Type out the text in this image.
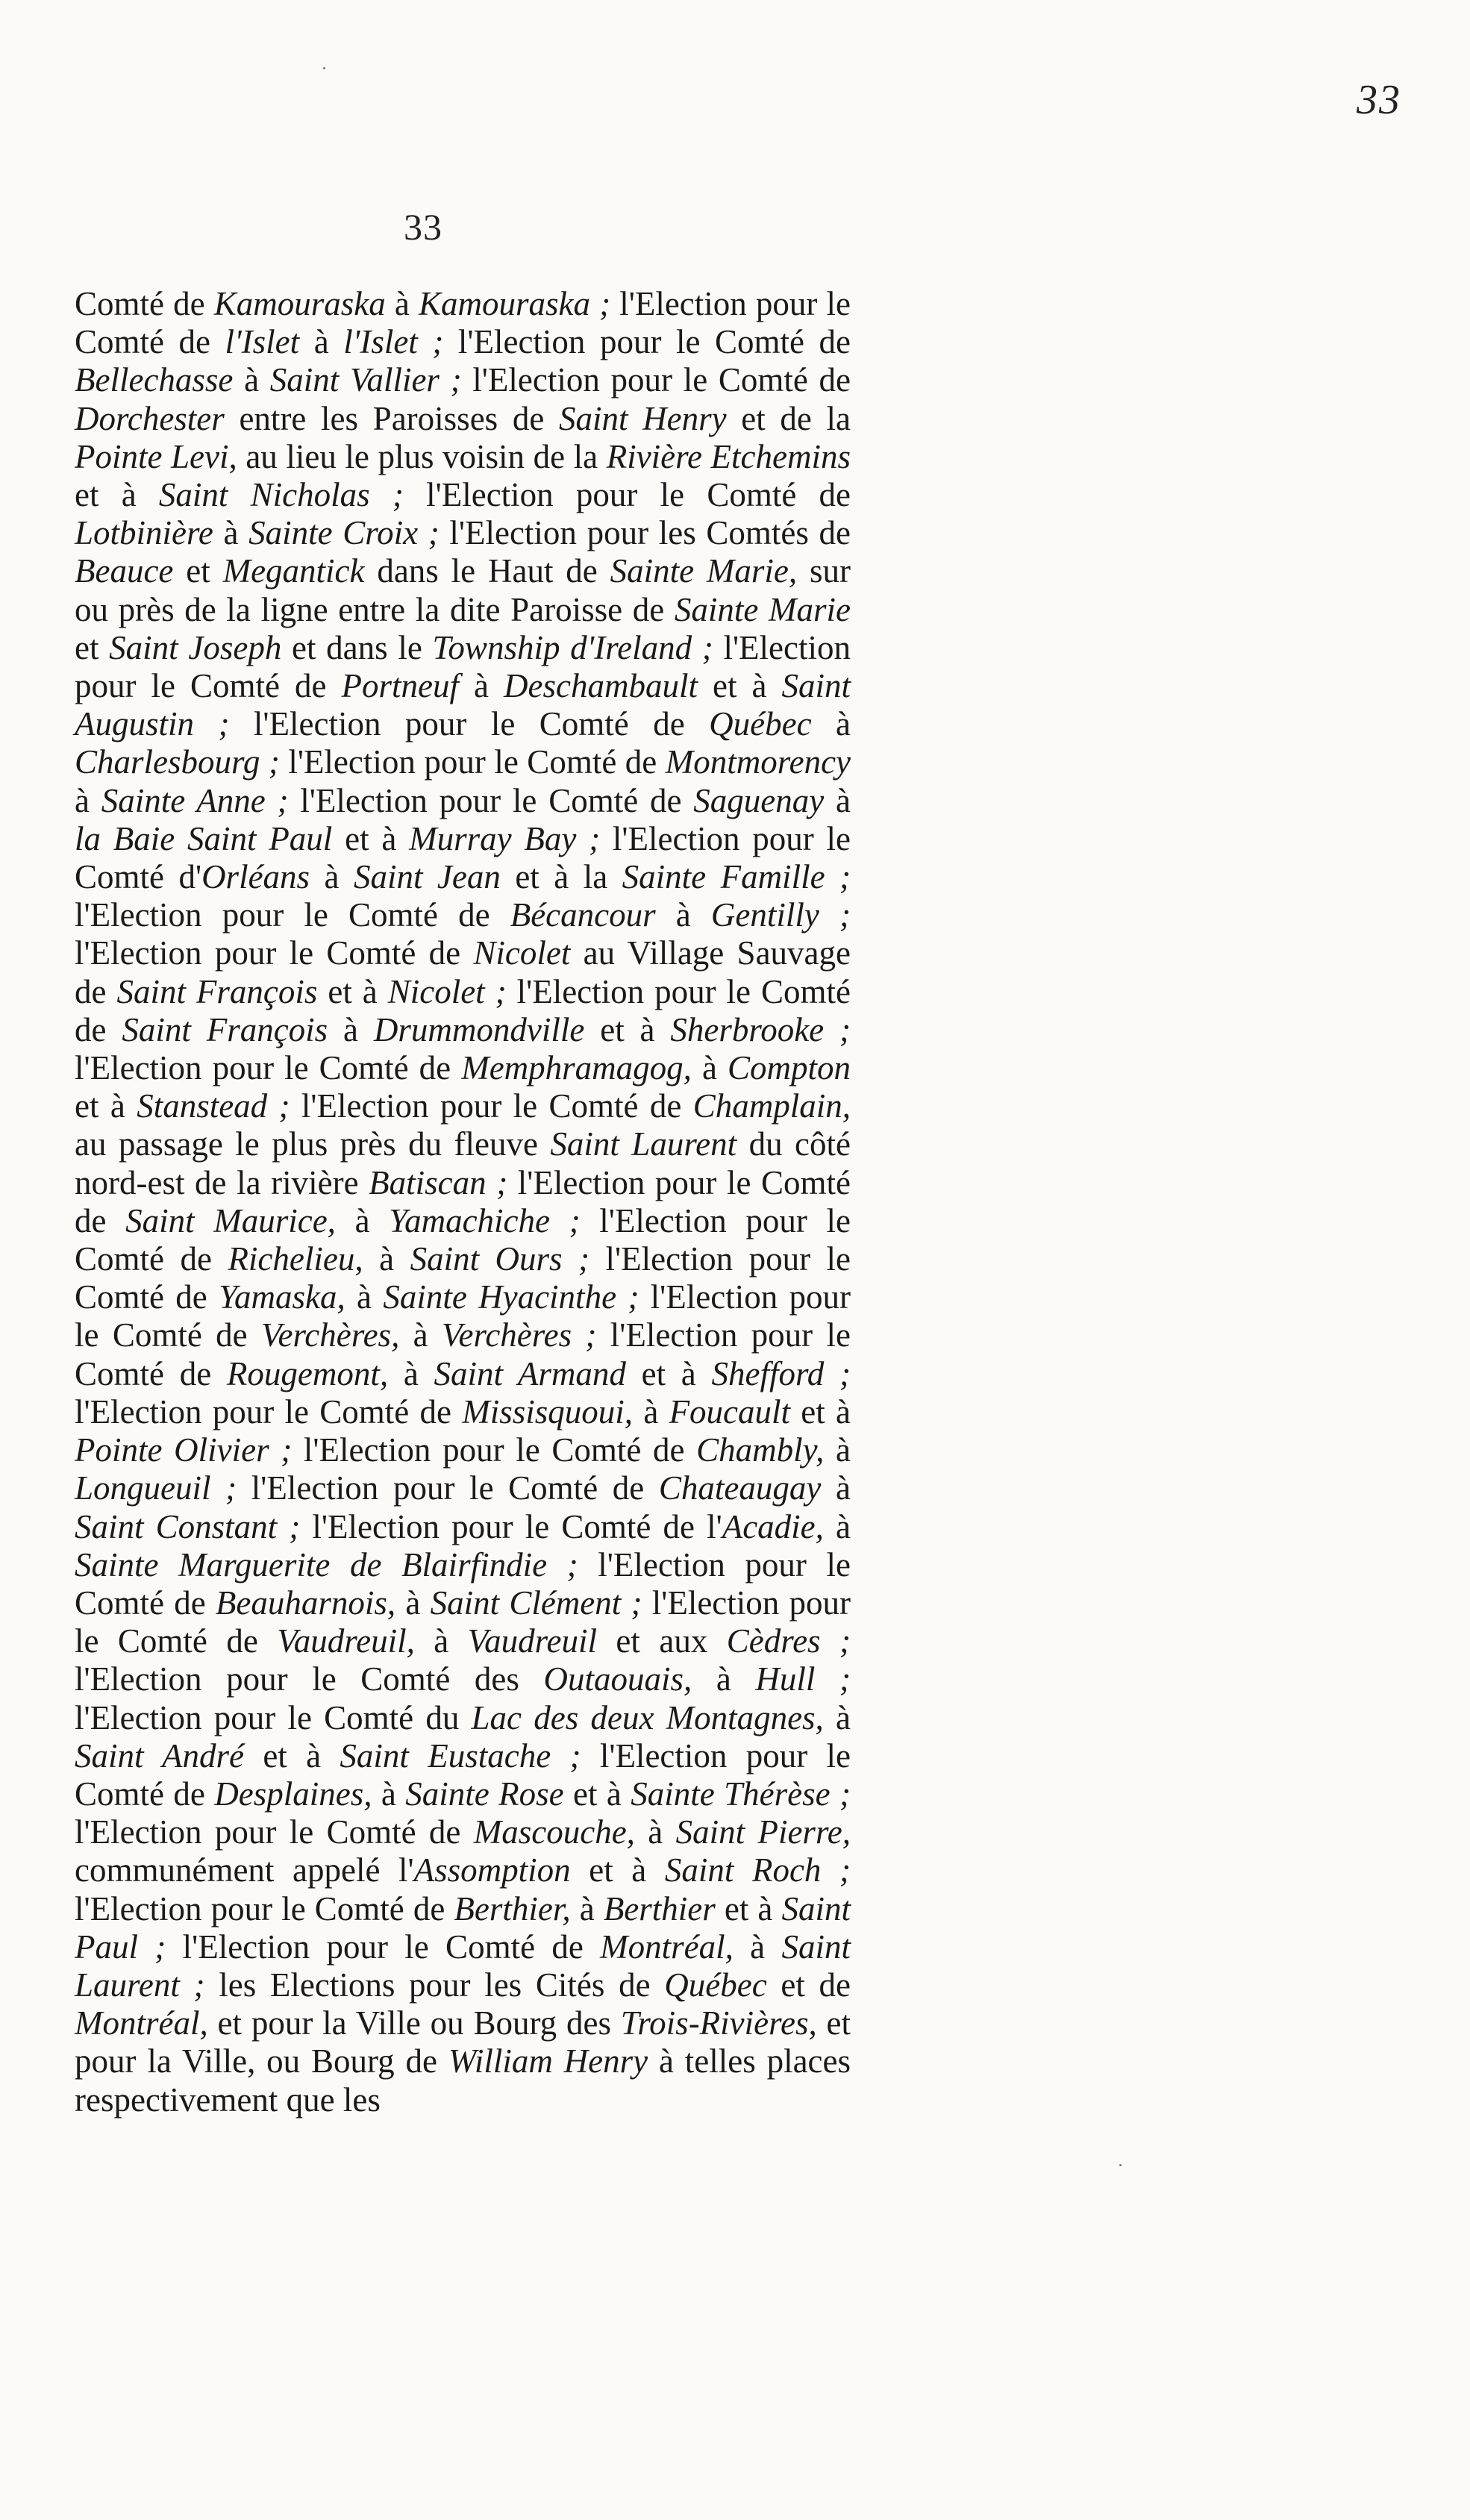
33
33
Comté de Kamouraska à Kamouraska ; l'Election pour le Comté de l'Islet à l'Islet ; l'Election pour le Comté de Bellechasse à Saint Vallier ; l'Election pour le Comté de Dorchester entre les Paroisses de Saint Henry et de la Pointe Levi, au lieu le plus voisin de la Rivière Etchemins et à Saint Nicholas ; l'Election pour le Comté de Lotbinière à Sainte Croix ; l'Election pour les Comtés de Beauce et Megantick dans le Haut de Sainte Marie, sur ou près de la ligne entre la dite Paroisse de Sainte Marie et Saint Joseph et dans le Township d'Ireland ; l'Election pour le Comté de Portneuf à Deschambault et à Saint Augustin ; l'Election pour le Comté de Québec à Charlesbourg ; l'Election pour le Comté de Montmorency à Sainte Anne ; l'Election pour le Comté de Saguenay à la Baie Saint Paul et à Murray Bay ; l'Election pour le Comté d'Orléans à Saint Jean et à la Sainte Famille ; l'Election pour le Comté de Bécancour à Gentilly ; l'Election pour le Comté de Nicolet au Village Sauvage de Saint François et à Nicolet ; l'Election pour le Comté de Saint François à Drummondville et à Sherbrooke ; l'Election pour le Comté de Memphramagog, à Compton et à Stanstead ; l'Election pour le Comté de Champlain, au passage le plus près du fleuve Saint Laurent du côté nord-est de la rivière Batiscan ; l'Election pour le Comté de Saint Maurice, à Yamachiche ; l'Election pour le Comté de Richelieu, à Saint Ours ; l'Election pour le Comté de Yamaska, à Sainte Hyacinthe ; l'Election pour le Comté de Verchères, à Verchères ; l'Election pour le Comté de Rougemont, à Saint Armand et à Shefford ; l'Election pour le Comté de Missisquoui, à Foucault et à Pointe Olivier ; l'Election pour le Comté de Chambly, à Longueuil ; l'Election pour le Comté de Chateaugay à Saint Constant ; l'Election pour le Comté de l'Acadie, à Sainte Marguerite de Blairfindie ; l'Election pour le Comté de Beauharnois, à Saint Clément ; l'Election pour le Comté de Vaudreuil, à Vaudreuil et aux Cèdres ; l'Election pour le Comté des Outaouais, à Hull ; l'Election pour le Comté du Lac des deux Montagnes, à Saint André et à Saint Eustache ; l'Election pour le Comté de Desplaines, à Sainte Rose et à Sainte Thérèse ; l'Election pour le Comté de Mascouche, à Saint Pierre, communément appelé l'Assomption et à Saint Roch ; l'Election pour le Comté de Berthier, à Berthier et à Saint Paul ; l'Election pour le Comté de Montréal, à Saint Laurent ; les Elections pour les Cités de Québec et de Montréal, et pour la Ville ou Bourg des Trois-Rivières, et pour la Ville, ou Bourg de William Henry à telles places respectivement que les
